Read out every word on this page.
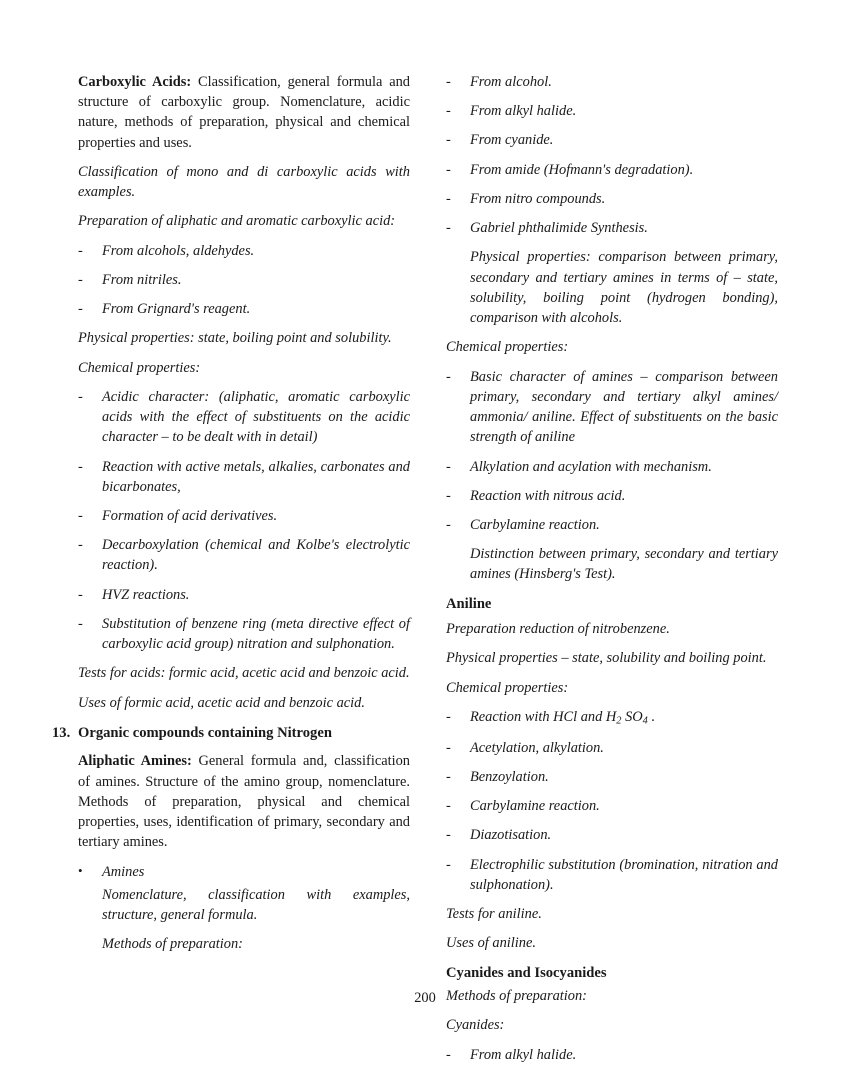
Carboxylic Acids: Classification, general formula and structure of carboxylic group. Nomenclature, acidic nature, methods of preparation, physical and chemical properties and uses.

Classification of mono and di carboxylic acids with examples.

Preparation of aliphatic and aromatic carboxylic acid:

-	From alcohols, aldehydes.
-	From nitriles.
-	From Grignard's reagent.

Physical properties: state, boiling point and solubility.

Chemical properties:

-	Acidic character: (aliphatic, aromatic carboxylic acids with the effect of substituents on the acidic character – to be dealt with in detail)
-	Reaction with active metals, alkalies, carbonates and bicarbonates,
-	Formation of acid derivatives.
-	Decarboxylation (chemical and Kolbe's electrolytic reaction).
-	HVZ reactions.
-	Substitution of benzene ring (meta directive effect of carboxylic acid group) nitration and sulphonation.

Tests for acids: formic acid, acetic acid and benzoic acid.

Uses of formic acid, acetic acid and benzoic acid.

13. Organic compounds containing Nitrogen

Aliphatic Amines: General formula and, classification of amines. Structure of the amino group, nomenclature. Methods of preparation, physical and chemical properties, uses, identification of primary, secondary and tertiary amines.

•	Amines
Nomenclature, classification with examples, structure, general formula.
Methods of preparation:
-	From alcohol.
-	From alkyl halide.
-	From cyanide.
-	From amide (Hofmann's degradation).
-	From nitro compounds.
-	Gabriel phthalimide Synthesis.
Physical properties: comparison between primary, secondary and tertiary amines in terms of – state, solubility, boiling point (hydrogen bonding), comparison with alcohols.

Chemical properties:

-	Basic character of amines – comparison between primary, secondary and tertiary alkyl amines/ ammonia/ aniline. Effect of substituents on the basic strength of aniline
-	Alkylation and acylation with mechanism.
-	Reaction with nitrous acid.
-	Carbylamine reaction.
Distinction between primary, secondary and tertiary amines (Hinsberg's Test).

Aniline

Preparation reduction of nitrobenzene.

Physical properties – state, solubility and boiling point.

Chemical properties:

-	Reaction with HCl and $H_2$ $SO_4$ .
-	Acetylation, alkylation.
-	Benzoylation.
-	Carbylamine reaction.
-	Diazotisation.
-	Electrophilic substitution (bromination, nitration and sulphonation).

Tests for aniline.

Uses of aniline.

Cyanides and Isocyanides

Methods of preparation:

Cyanides:

-	From alkyl halide.
200
